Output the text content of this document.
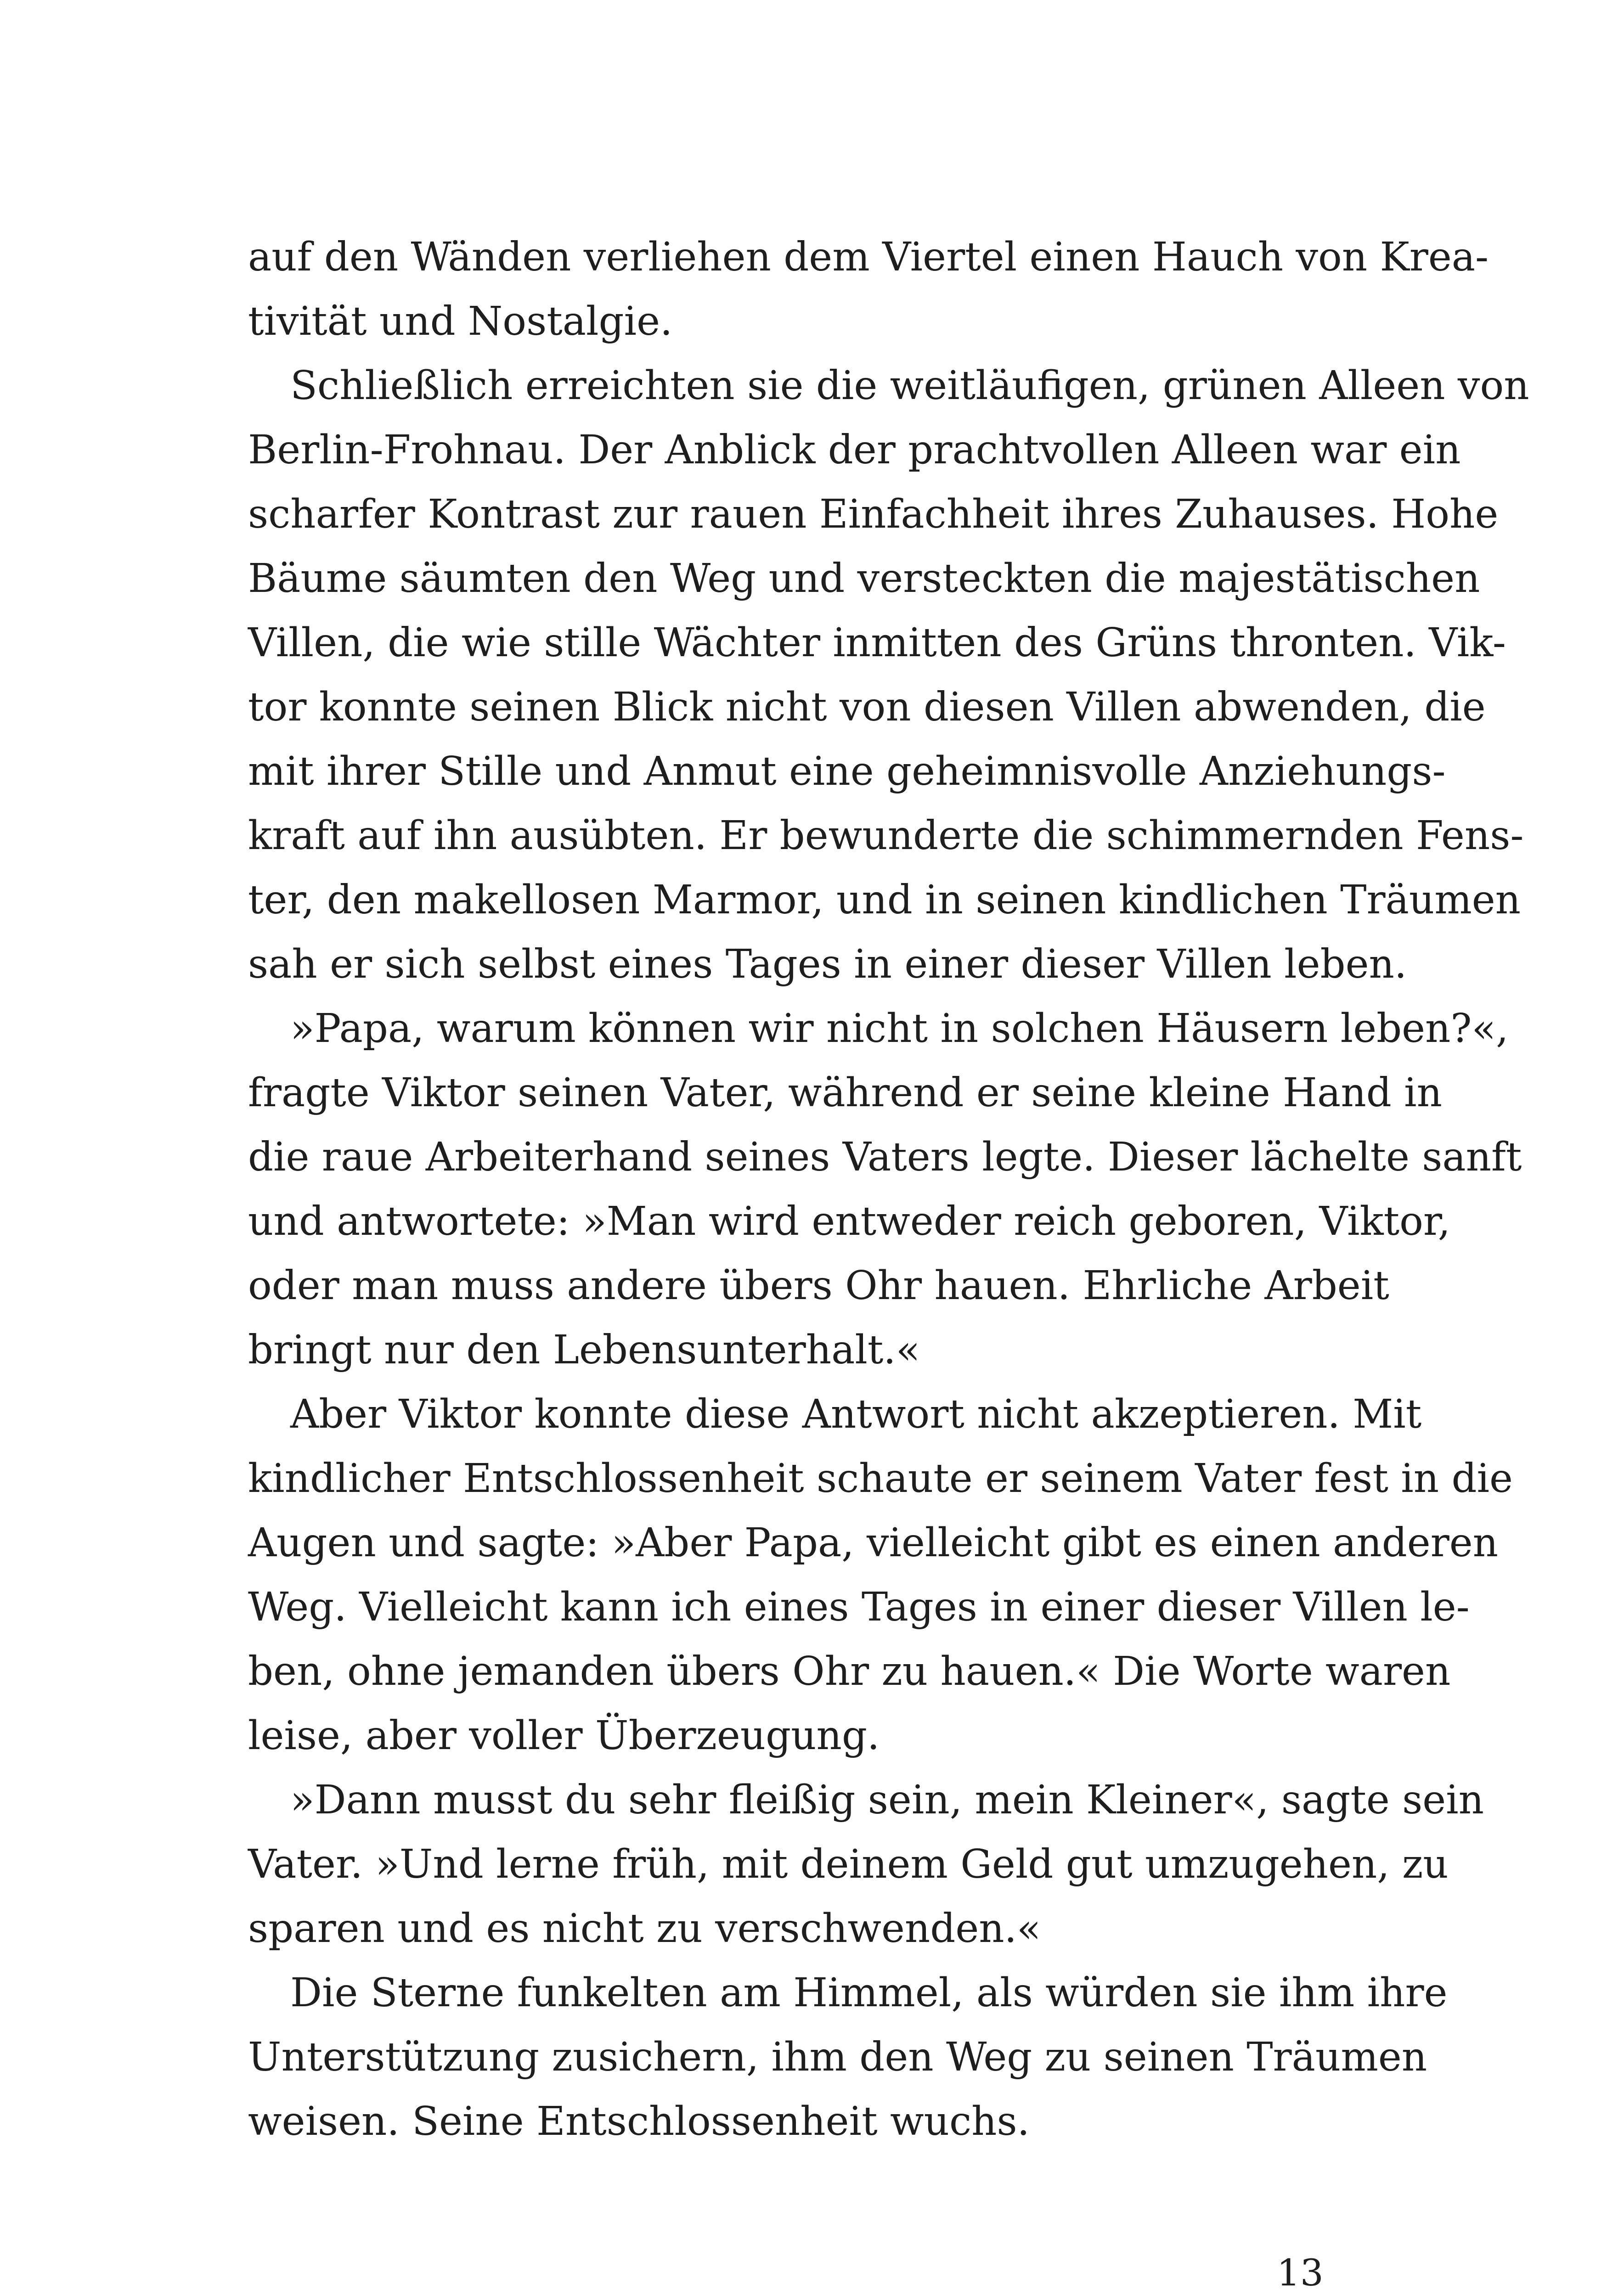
auf den Wänden verliehen dem Viertel einen Hauch von Krea-
tivität und Nostalgie.
Schließlich erreichten sie die weitläufigen, grünen Alleen von
Berlin-Frohnau. Der Anblick der prachtvollen Alleen war ein
scharfer Kontrast zur rauen Einfachheit ihres Zuhauses. Hohe
Bäume säumten den Weg und versteckten die majestätischen
Villen, die wie stille Wächter inmitten des Grüns thronten. Vik-
tor konnte seinen Blick nicht von diesen Villen abwenden, die
mit ihrer Stille und Anmut eine geheimnisvolle Anziehungs-
kraft auf ihn ausübten. Er bewunderte die schimmernden Fens-
ter, den makellosen Marmor, und in seinen kindlichen Träumen
sah er sich selbst eines Tages in einer dieser Villen leben.
»Papa, warum können wir nicht in solchen Häusern leben?«,
fragte Viktor seinen Vater, während er seine kleine Hand in
die raue Arbeiterhand seines Vaters legte. Dieser lächelte sanft
und antwortete: »Man wird entweder reich geboren, Viktor,
oder man muss andere übers Ohr hauen. Ehrliche Arbeit
bringt nur den Lebensunterhalt.«
Aber Viktor konnte diese Antwort nicht akzeptieren. Mit
kindlicher Entschlossenheit schaute er seinem Vater fest in die
Augen und sagte: »Aber Papa, vielleicht gibt es einen anderen
Weg. Vielleicht kann ich eines Tages in einer dieser Villen le-
ben, ohne jemanden übers Ohr zu hauen.« Die Worte waren
leise, aber voller Überzeugung.
»Dann musst du sehr fleißig sein, mein Kleiner«, sagte sein
Vater. »Und lerne früh, mit deinem Geld gut umzugehen, zu
sparen und es nicht zu verschwenden.«
Die Sterne funkelten am Himmel, als würden sie ihm ihre
Unterstützung zusichern, ihm den Weg zu seinen Träumen
weisen. Seine Entschlossenheit wuchs.
13
